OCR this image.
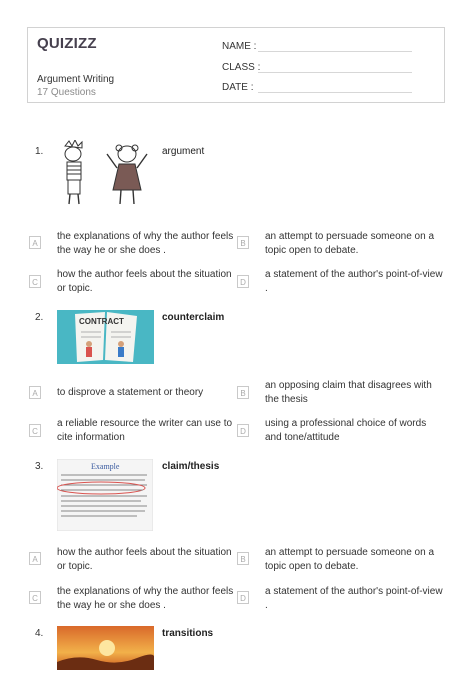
QUIZIZZ
Argument Writing
17 Questions
NAME :
CLASS :
DATE :
1.	argument
A
the explanations of why the author feels the way he or she does .
B
an attempt to persuade someone on a topic open to debate.
C
how the author feels about the situation or topic.
D
a statement of the author's point-of-view .
2.	CONTRACT	counterclaim
A	to disprove a statement or theory	B
an opposing claim that disagrees with the thesis
C
a reliable resource the writer can use to cite information
D
using a professional choice of words and tone/attitude
3.	Example	claim/thesis
A
how the author feels about the situation or topic.
B
an attempt to persuade someone on a topic open to debate.
C
the explanations of why the author feels the way he or she does .
D
a statement of the author's point-of-view .
4.	transitions
